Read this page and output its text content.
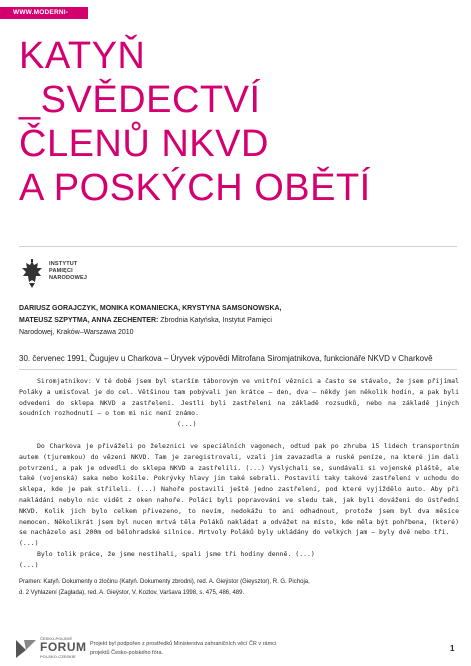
WWW.MODERNI-DEJINY.CZ
KATYŇ
_SVĚDECTVÍ
ČLENŮ NKVD
A POSKÝCH OBĚTÍ
INSTYTUT
PAMIĘCI
NARODOWEJ
DARIUSZ GORAJCZYK, MONIKA KOMANIECKA, KRYSTYNA SAMSONOWSKA,
MATEUSZ SZPYTMA, ANNA ZECHENTER: Zbrodnia Katyńska, Instytut Pamięci
Narodowej, Kraków–Warszawa 2010
30. červenec 1991, Čugujev u Charkova – Úryvek výpovědi Mitrofana Siromjatnikova, funkcionáře NKVD v Charkově

Siromjatnikov: V té době jsem byl starším táborovým ve vnitřní věznici a často se stávalo, že jsem přijímal Poláky a umisťoval je do cel. Většinou tam pobývali jen krátce – den, dva – někdy jen několik hodin, a pak byli odvedeni do sklepa NKVD a zastřeleni. Jestli byli zastřeleni na základě rozsudků, nebo na základě jiných soudních rozhodnutí – o tom mi nic není známo.

(...)

Do Charkova je přiváželi po železnici ve speciálních vagonech, odtud pak po zhruba 15 lidech transportním autem (tjuremkou) do vězení NKVD. Tam je zaregistrovali, vzali jim zavazadla a ruské peníze, na které jim dali potvrzení, a pak je odvedli do sklepa NKVD a zastřelili. (...) Vyslýchali se, sundávali si vojenské pláště, ale také (vojenská) saka nebo košile. Pokrývky hlavy jim také sebrali. Postavili taky takové zastřelení v uchodu do sklepa, kde je pak střileli. (...) Nahoře postavili ještě jedno zastřelení, pod které vyjíždělo auto. Aby při nakládání nebylo nic vidět z oken nahoře. Poláci byli popravováni ve sledu tak, jak byli dováženi do ústřední NKVD. Kolik jich bylo celkem přivezeno, to nevím, nedokážu to ani odhadnout, protože jsem byl dva měsíce nemocen. Několikrát jsem byl nucen mrtvá těla Poláků nakládat a odvážet na místo, kde měla být pohřbena, (které) se nacházelo asi 200m od bělohradské silnice. Mrtvoly Poláků byly ukládány do velkých jam – byly dvě nebo tři.

(...)

Bylo tolik práce, že jsme nestíhali, spali jsme tři hodiny denně. (...)

(...)

Pramen: Katyň. Dokumenty o zločinu (Katyń. Dokumenty zbrodni), red. A. Gieÿstor (Gieysztor), R. G. Pichoja,
d. 2 Vyhlazení (Zagłada), red. A. Gieÿstor, V. Kozlov, Varšava 1998, s. 475, 486, 489.
ČESKO-POLSKÉ
FORUM
POLSKO-CZESKIE
Projekt byl podpořen z prostředků Ministerstva zahraničních věcí ČR v rámci
projektů Česko-polského fóra.	1
